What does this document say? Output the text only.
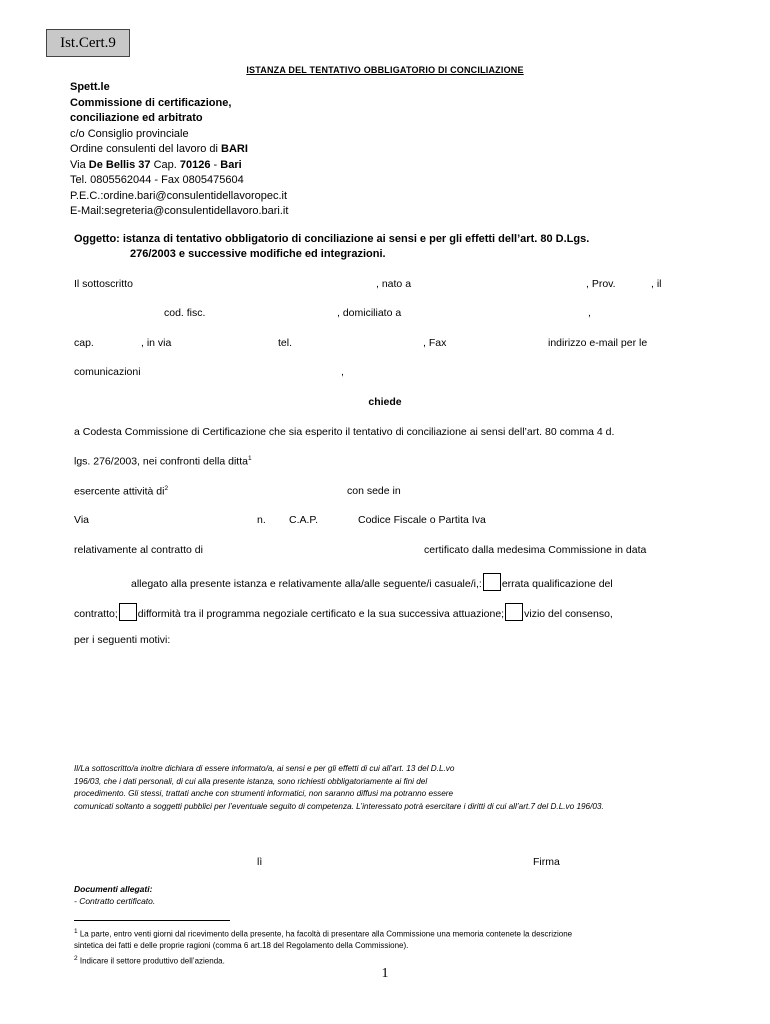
Ist.Cert.9
ISTANZA DEL TENTATIVO OBBLIGATORIO DI CONCILIAZIONE
Spett.le
Commissione di certificazione,
conciliazione ed arbitrato
c/o Consiglio provinciale
Ordine consulenti del lavoro di BARI
Via De Bellis 37 Cap. 70126 - Bari
Tel. 0805562044 - Fax 0805475604
P.E.C.:ordine.bari@consulentidellavoropec.it
E-Mail:segreteria@consulentidellavoro.bari.it
Oggetto: istanza di tentativo obbligatorio di conciliazione ai sensi e per gli effetti dell’art. 80 D.Lgs.
276/2003 e successive modifiche ed integrazioni.
Il sottoscritto	, nato a	, Prov.	, il
cod. fisc.	, domiciliato a	,
cap.	, in via	tel.	, Fax	indirizzo e-mail per le
comunicazioni	,
chiede
a Codesta Commissione di Certificazione che sia esperito il tentativo di conciliazione ai sensi dell’art. 80 comma 4 d.
lgs. 276/2003, nei confronti della ditta$^1$
esercente attività $di^2$	con sede in
Via	n. C.A.P.	Codice Fiscale o Partita Iva
relativamente al contratto di	certificato dalla medesima Commissione in data
allegato alla presente istanza e relativamente alla/alle seguente/i casuale/i,: errata qualificazione del
contratto; difformità tra il programma negoziale certificato e la sua successiva attuazione; vizio del consenso,
per i seguenti motivi:
Il/La sottoscritto/a inoltre dichiara di essere informato/a, ai sensi e per gli effetti di cui all’art. 13 del D.L.vo
196/03, che i dati personali, di cui alla presente istanza, sono richiesti obbligatoriamente ai fini del
procedimento. Gli stessi, trattati anche con strumenti informatici, non saranno diffusi ma potranno essere
comunicati soltanto a soggetti pubblici per l’eventuale seguito di competenza. L’interessato potrà esercitare i diritti di cui all’art.7 del D.L.vo 196/03.
lì	Firma
Documenti allegati:
- Contratto certificato.
$^1$ La parte, entro venti giorni dal ricevimento della presente, ha facoltà di presentare alla Commissione una memoria contenete la descrizione
sintetica dei fatti e delle proprie ragioni (comma 6 art.18 del Regolamento della Commissione).
$^2$ Indicare il settore produttivo dell’azienda.
1
